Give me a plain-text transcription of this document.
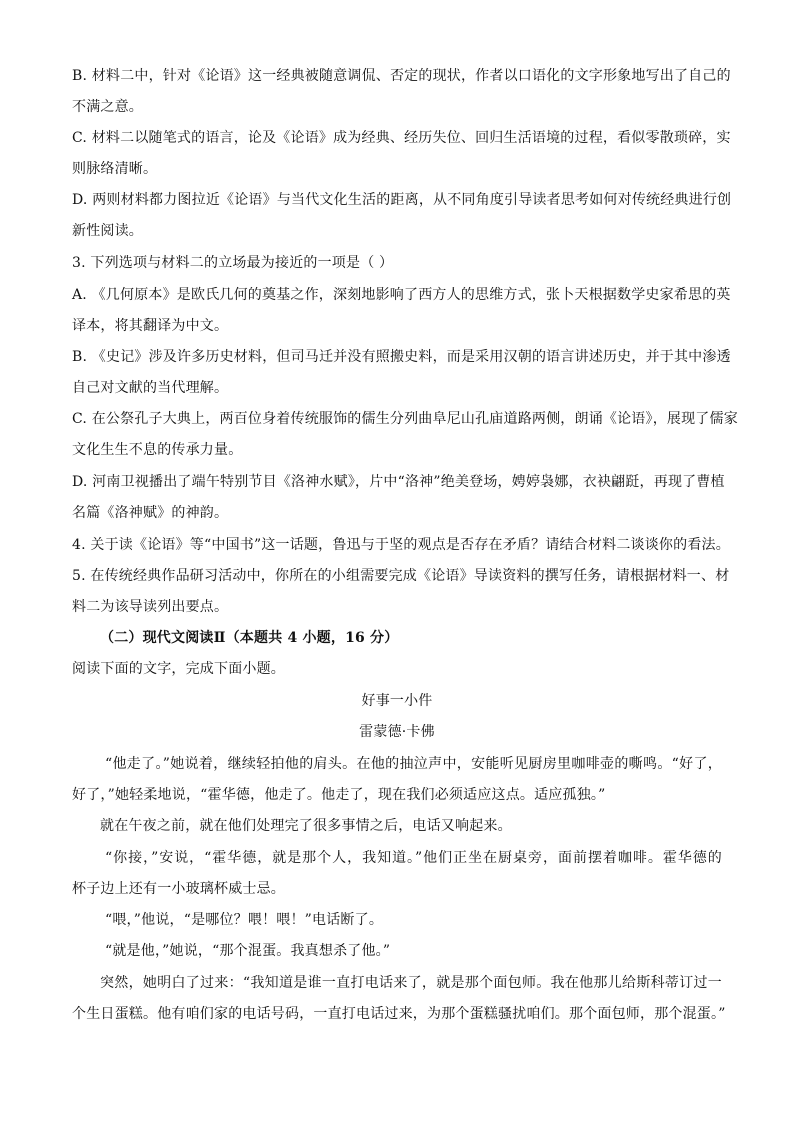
B. 材料二中，针对《论语》这一经典被随意调侃、否定的现状，作者以口语化的文字形象地写出了自己的
不满之意。
C. 材料二以随笔式的语言，论及《论语》成为经典、经历失位、回归生活语境的过程，看似零散琐碎，实
则脉络清晰。
D. 两则材料都力图拉近《论语》与当代文化生活的距离，从不同角度引导读者思考如何对传统经典进行创
新性阅读。
3. 下列选项与材料二的立场最为接近的一项是（ ）
A. 《几何原本》是欧氏几何的奠基之作，深刻地影响了西方人的思维方式，张卜天根据数学史家希思的英
译本，将其翻译为中文。
B. 《史记》涉及许多历史材料，但司马迁并没有照搬史料，而是采用汉朝的语言讲述历史，并于其中渗透
自己对文献的当代理解。
C. 在公祭孔子大典上，两百位身着传统服饰的儒生分列曲阜尼山孔庙道路两侧，朗诵《论语》，展现了儒家
文化生生不息的传承力量。
D. 河南卫视播出了端午特别节目《洛神水赋》，片中“洛神”绝美登场，娉婷袅娜，衣袂翩跹，再现了曹植
名篇《洛神赋》的神韵。
4. 关于读《论语》等“中国书”这一话题，鲁迅与于坚的观点是否存在矛盾？请结合材料二谈谈你的看法。
5. 在传统经典作品研习活动中，你所在的小组需要完成《论语》导读资料的撰写任务，请根据材料一、材
料二为该导读列出要点。
（二）现代文阅读Ⅱ（本题共 4 小题，16 分）
阅读下面的文字，完成下面小题。
好事一小件
雷蒙德·卡佛
“他走了。”她说着，继续轻拍他的肩头。在他的抽泣声中，安能听见厨房里咖啡壶的嘶鸣。“好了，
好了，”她轻柔地说，“霍华德，他走了。他走了，现在我们必须适应这点。适应孤独。”
就在午夜之前，就在他们处理完了很多事情之后，电话又响起来。
“你接，”安说，“霍华德，就是那个人，我知道。”他们正坐在厨桌旁，面前摆着咖啡。霍华德的
杯子边上还有一小玻璃杯威士忌。
“喂，”他说，“是哪位？喂！喂！”电话断了。
“就是他，”她说，“那个混蛋。我真想杀了他。”
突然，她明白了过来：“我知道是谁一直打电话来了，就是那个面包师。我在他那儿给斯科蒂订过一
个生日蛋糕。他有咱们家的电话号码，一直打电话过来，为那个蛋糕骚扰咱们。那个面包师，那个混蛋。”
